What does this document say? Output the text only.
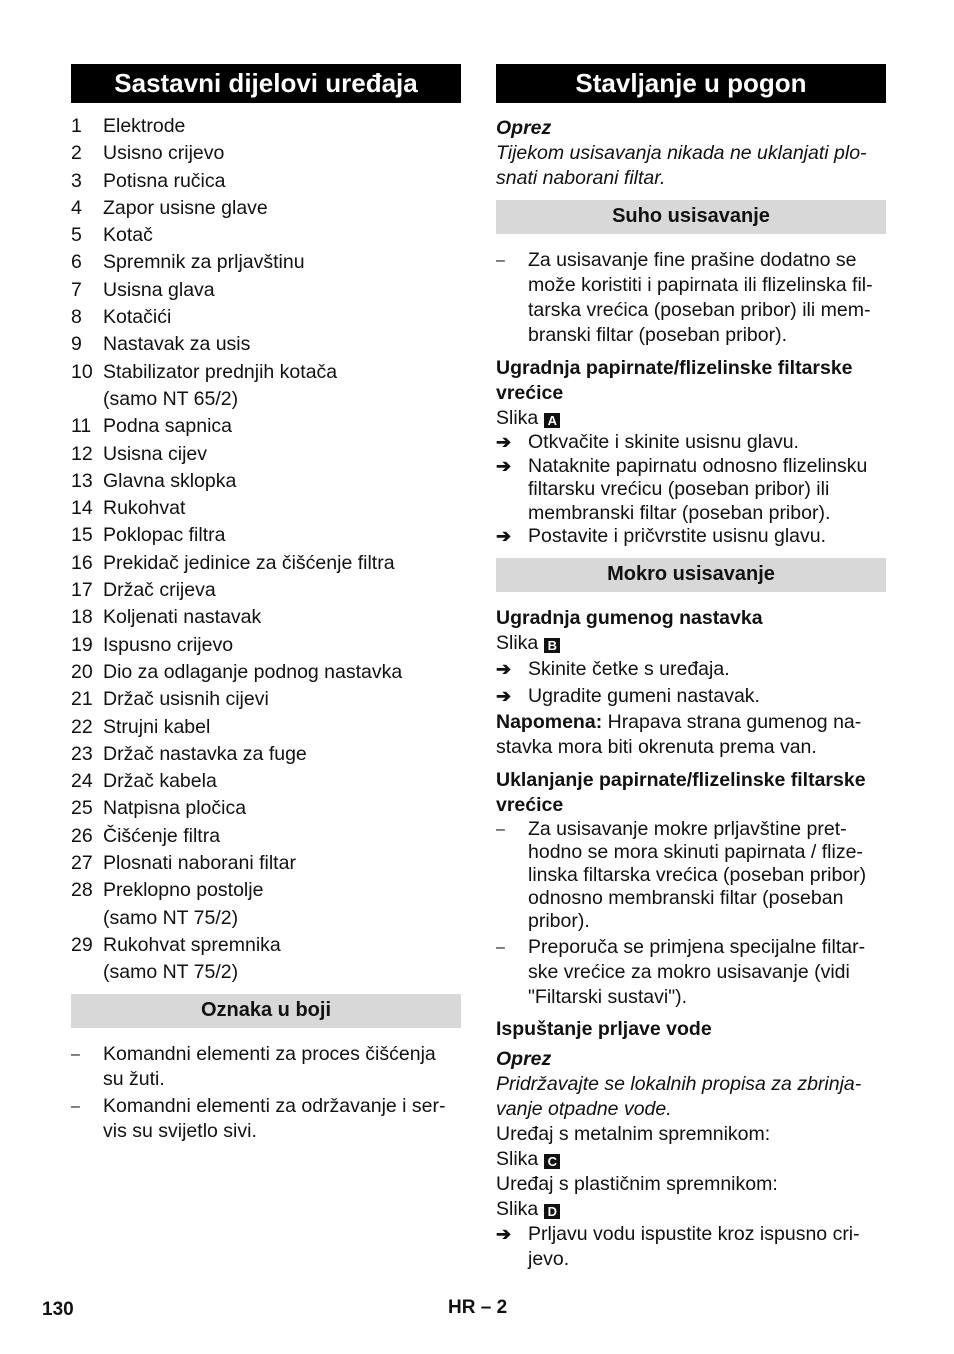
Sastavni dijelovi uređaja
1	Elektrode
2	Usisno crijevo
3	Potisna ručica
4	Zapor usisne glave
5	Kotač
6	Spremnik za prljavštinu
7	Usisna glava
8	Kotačići
9	Nastavak za usis
10 Stabilizator prednjih kotača
(samo NT 65/2)
11 Podna sapnica
12 Usisna cijev
13 Glavna sklopka
14 Rukohvat
15 Poklopac filtra
16 Prekidač jedinice za čišćenje filtra
17 Držač crijeva
18 Koljenati nastavak
19 Ispusno crijevo
20 Dio za odlaganje podnog nastavka
21 Držač usisnih cijevi
22 Strujni kabel
23 Držač nastavka za fuge
24 Držač kabela
25 Natpisna pločica
26 Čišćenje filtra
27 Plosnati naborani filtar
28 Preklopno postolje
(samo NT 75/2)
29 Rukohvat spremnika
(samo NT 75/2)
Oznaka u boji
–	Komandni elementi za proces čišćenja
su žuti.
–	Komandni elementi za održavanje i ser-
vis su svijetlo sivi.
Stavljanje u pogon
Oprez
Tijekom usisavanja nikada ne uklanjati plo-
snati naborani filtar.
Suho usisavanje
–	Za usisavanje fine prašine dodatno se
može koristiti i papirnata ili flizelinska fil-
tarska vrećica (poseban pribor) ili mem-
branski filtar (poseban pribor).
Ugradnja papirnate/flizelinske filtarske
vrećice
Slika A
➔ Otkvačite i skinite usisnu glavu.
➔ Nataknite papirnatu odnosno flizelinsku
filtarsku vrećicu (poseban pribor) ili
membranski filtar (poseban pribor).
➔ Postavite i pričvrstite usisnu glavu.
Mokro usisavanje
Ugradnja gumenog nastavka
Slika B
➔ Skinite četke s uređaja.
➔ Ugradite gumeni nastavak.
Napomena: Hrapava strana gumenog na-
stavka mora biti okrenuta prema van.
Uklanjanje papirnate/flizelinske filtarske
vrećice
–	Za usisavanje mokre prljavštine pret-
hodno se mora skinuti papirnata / flize-
linska filtarska vrećica (poseban pribor)
odnosno membranski filtar (poseban
pribor).
–	Preporuča se primjena specijalne filtar-
ske vrećice za mokro usisavanje (vidi
"Filtarski sustavi").
Ispuštanje prljave vode
Oprez
Pridržavajte se lokalnih propisa za zbrinja-
vanje otpadne vode.
Uređaj s metalnim spremnikom:
Slika C
Uređaj s plastičnim spremnikom:
Slika D
➔ Prljavu vodu ispustite kroz ispusno cri-
jevo.
130	HR – 2
